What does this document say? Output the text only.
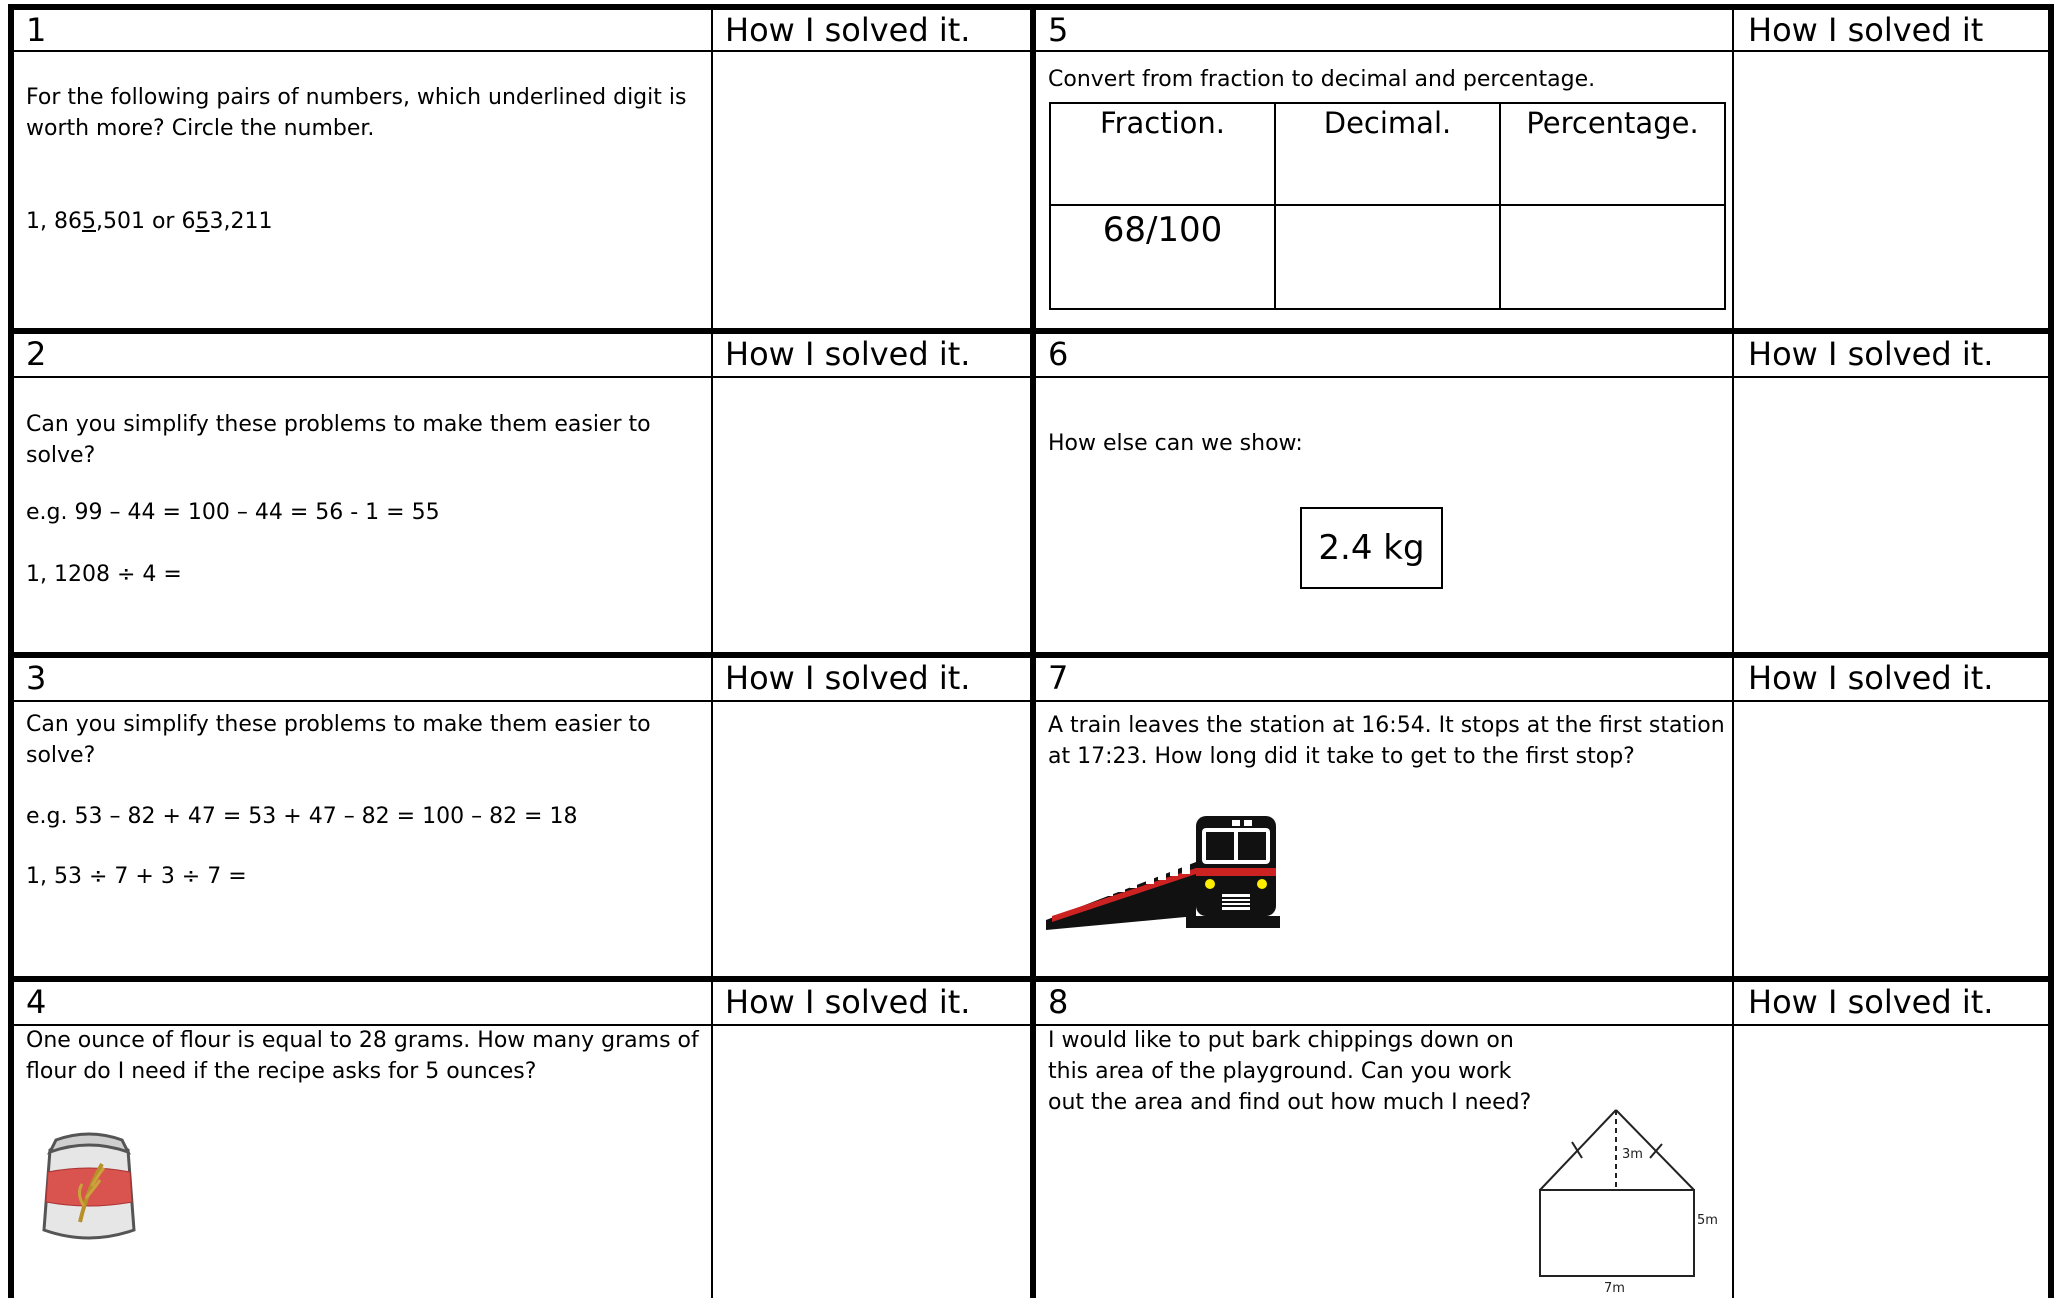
1	How I solved it.
For the following pairs of numbers, which underlined digit is
worth more? Circle the number.
1, 865,501 or 653,211
2	How I solved it.
Can you simplify these problems to make them easier to
solve?
e.g. 99 – 44 = 100 – 44 = 56 - 1 = 55
1, 1208 ÷ 4 =
3	How I solved it.
Can you simplify these problems to make them easier to
solve?
e.g. 53 – 82 + 47 = 53 + 47 – 82 = 100 – 82 = 18
1, 53 ÷ 7 + 3 ÷ 7 =
4	How I solved it.
One ounce of flour is equal to 28 grams. How many grams of
flour do I need if the recipe asks for 5 ounces?
5	How I solved it
Convert from fraction to decimal and percentage.
Fraction.	Decimal.	Percentage.
68/100		
6	How I solved it.
How else can we show:
2.4 kg
7	How I solved it.
A train leaves the station at 16:54. It stops at the first station
at 17:23. How long did it take to get to the first stop?
8	How I solved it.
I would like to put bark chippings down on
this area of the playground. Can you work
out the area and find out how much I need?
3m
5m
7m
